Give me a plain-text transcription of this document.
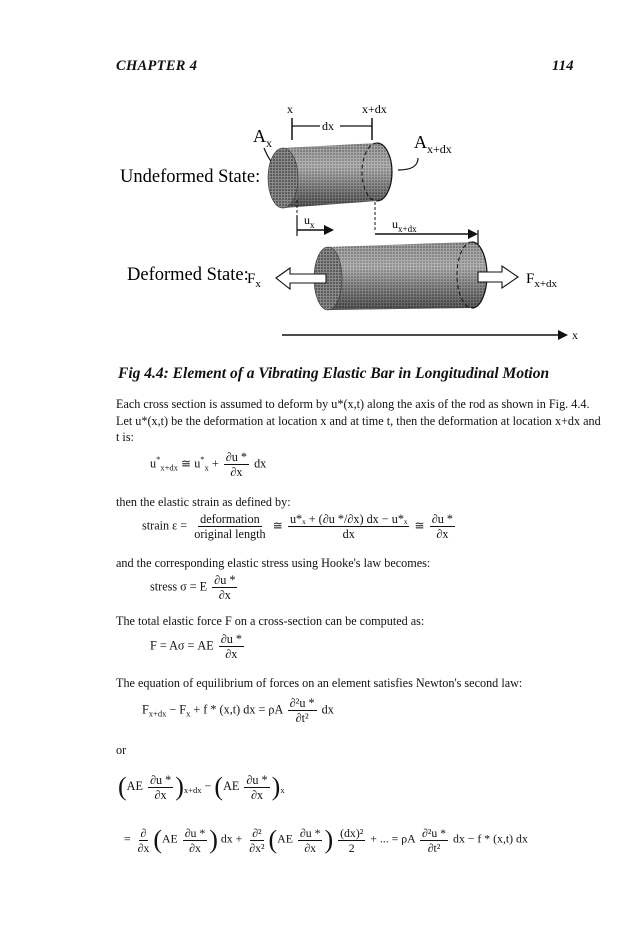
CHAPTER 4	114
x	x+dx
dx
$A_x$	$A_{x+dx}$
Undeformed State:
$u_x$	$u_{x+dx}$
Deformed State:
$F_x$	$F_{x+dx}$
x
Fig 4.4: Element of a Vibrating Elastic Bar in Longitudinal Motion
Each cross section is assumed to deform by u*(x,t) along the axis of the rod as shown in Fig. 4.4. Let u*(x,t) be the deformation at location x and at time t, then the deformation at location x+dx and t is:
$u^*_{x+dx}$ ≅ $u^*_x + \frac{\partial u *}{\partial x}$ dx
then the elastic strain as defined by:
strain $\varepsilon = \frac{\text{deformation}}{\text{original length}}$ ≅ $\frac{\text{u*ₓ + (∂u */∂x) dx − u*ₓ}}{dx}$ ≅ $\frac{\partial u *}{\partial x}$
and the corresponding elastic stress using Hooke's law becomes:
stress σ = E $\frac{\partial u *}{\partial x}$
The total elastic force F on a cross-section can be computed as:
F = Aσ = AE $\frac{\partial u *}{\partial x}$
The equation of equilibrium of forces on an element satisfies Newton's second law:
$F_{x+dx} - F_x + f * (x,t)$ dx = ρA $\frac{\text{∂²u *}}{\text{∂t²}}$ dx
or
$(AE \frac{\partial u *}{\partial x} )_{x+dx} - (AE \frac{\partial u *}{\partial x} )_x$
= $\frac{\partial}{\partial x} (AE \frac{\partial u *}{\partial x}$ ) dx + $\frac{\text{∂²}}{\text{∂x²}} (AE \frac{\partial u *}{\partial x}$ ) $\frac{\text{(dx)²}}{2}$ + ... = ρA $\frac{\text{∂²u *}}{\text{∂t²}}$ dx − f * (x,t) dx
